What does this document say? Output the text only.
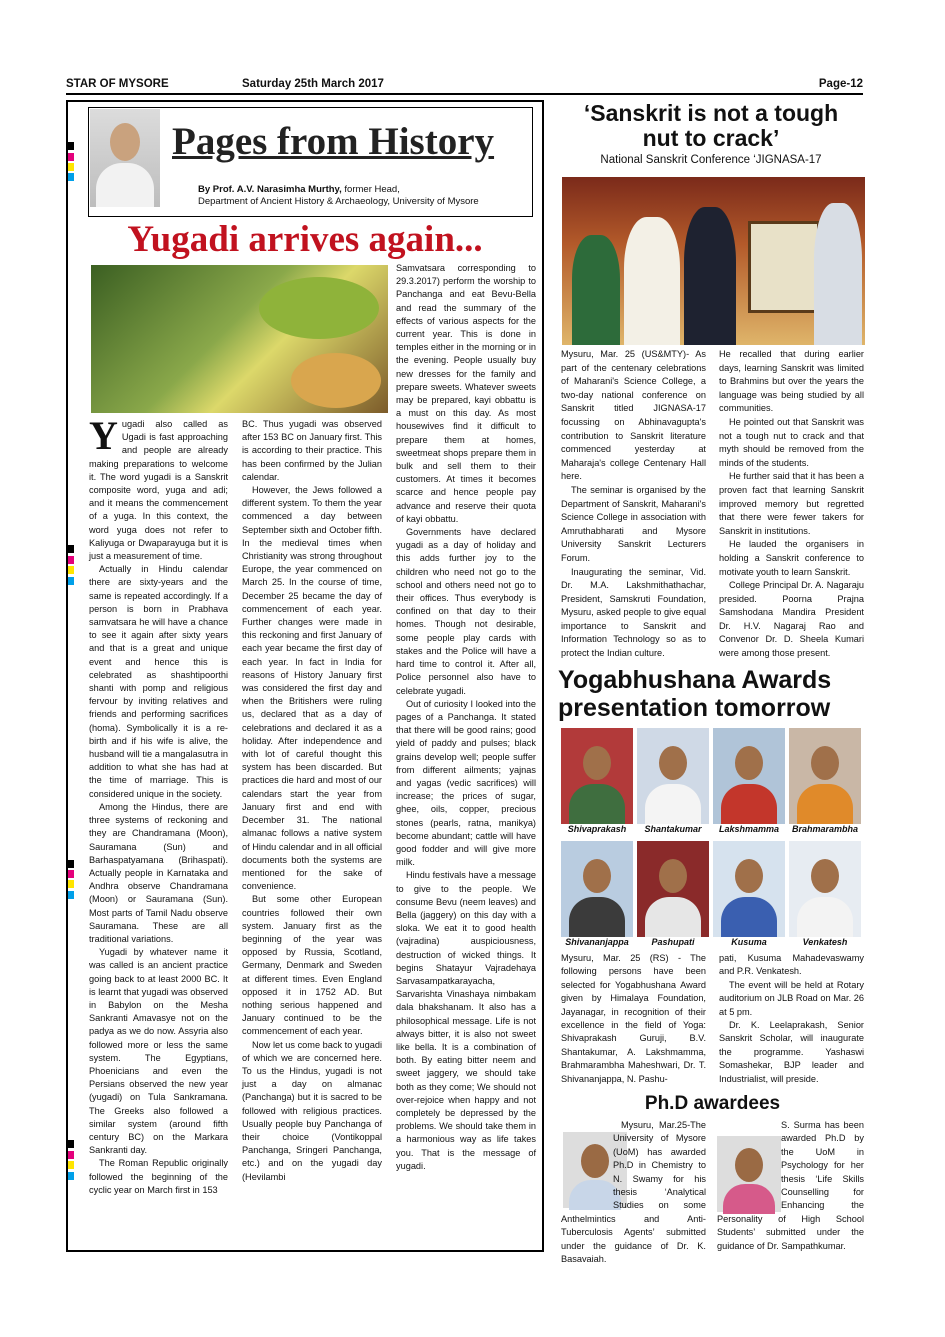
STAR OF MYSORE	Saturday 25th March 2017	Page-12
Pages from History
By Prof. A.V. Narasimha Murthy, former Head,
Department of Ancient History & Archaeology, University of Mysore
Yugadi arrives again...

Yugadi also called as Ugadi is fast approaching and people are already making preparations to welcome it. The word yugadi is a Sanskrit composite word, yuga and adi; and it means the commencement of a yuga. In this context, the word yuga does not refer to Kaliyuga or Dwaparayuga but it is just a measurement of time.

Actually in Hindu calendar there are sixty-years and the same is repeated accordingly. If a person is born in Prabhava samvatsara he will have a chance to see it again after sixty years and that is a great and unique event and hence this is celebrated as shashtipoorthi shanti with pomp and religious fervour by inviting relatives and friends and performing sacrifices (homa). Symbolically it is a re-birth and if his wife is alive, the husband will tie a mangalasutra in addition to what she has had at the time of marriage. This is considered unique in the society.

Among the Hindus, there are three systems of reckoning and they are Chandramana (Moon), Sauramana (Sun) and Barhaspatyamana (Brihaspati). Actually people in Karnataka and Andhra observe Chandramana (Moon) or Sauramana (Sun). Most parts of Tamil Nadu observe Sauramana. These are all traditional variations.

Yugadi by whatever name it was called is an ancient practice going back to at least 2000 BC. It is learnt that yugadi was observed in Babylon on the Mesha Sankranti Amavasye not on the padya as we do now. Assyria also followed more or less the same system. The Egyptians, Phoenicians and even the Persians observed the new year (yugadi) on Tula Sankramana. The Greeks also followed a similar system (around fifth century BC) on the Markara Sankranti day.

The Roman Republic originally followed the beginning of the cyclic year on March first in 153

BC. Thus yugadi was observed after 153 BC on January first. This is according to their practice. This has been confirmed by the Julian calendar.

However, the Jews followed a different system. To them the year commenced a day between September sixth and October fifth. In the medieval times when Christianity was strong throughout Europe, the year commenced on March 25. In the course of time, December 25 became the day of commencement of each year. Further changes were made in this reckoning and first January of each year became the first day of each year. In fact in India for reasons of History January first was considered the first day and when the Britishers were ruling us, declared that as a day of celebrations and declared it as a holiday. After independence and with lot of careful thought this system has been discarded. But practices die hard and most of our calendars start the year from January first and end with December 31. The national almanac follows a native system of Hindu calendar and in all official documents both the systems are mentioned for the sake of convenience.

But some other European countries followed their own system. January first as the beginning of the year was opposed by Russia, Scotland, Germany, Denmark and Sweden at different times. Even England opposed it in 1752 AD. But nothing serious happened and January continued to be the commencement of each year.

Now let us come back to yugadi of which we are concerned here. To us the Hindus, yugadi is not just a day on almanac (Panchanga) but it is sacred to be followed with religious practices. Usually people buy Panchanga of their choice (Vontikoppal Panchanga, Sringeri Panchanga, etc.) and on the yugadi day (Hevilambi

Samvatsara corresponding to 29.3.2017) perform the worship to Panchanga and eat Bevu-Bella and read the summary of the effects of various aspects for the current year. This is done in temples either in the morning or in the evening. People usually buy new dresses for the family and prepare sweets. Whatever sweets may be prepared, kayi obbattu is a must on this day. As most housewives find it difficult to prepare them at homes, sweetmeat shops prepare them in bulk and sell them to their customers. At times it becomes scarce and hence people pay advance and reserve their quota of kayi obbattu.

Governments have declared yugadi as a day of holiday and this adds further joy to the children who need not go to the school and others need not go to their offices. Thus everybody is confined on that day to their homes. Though not desirable, some people play cards with stakes and the Police will have a hard time to control it. After all, Police personnel also have to celebrate yugadi.

Out of curiosity I looked into the pages of a Panchanga. It stated that there will be good rains; good yield of paddy and pulses; black grains develop well; people suffer from different ailments; yajnas and yagas (vedic sacrifices) will increase; the prices of sugar, ghee, oils, copper, precious stones (pearls, ratna, manikya) become abundant; cattle will have good fodder and will give more milk.

Hindu festivals have a message to give to the people. We consume Bevu (neem leaves) and Bella (jaggery) on this day with a sloka. We eat it to good health (vajradina) auspiciousness, destruction of wicked things. It begins Shatayur Vajradehaya Sarvasampatkarayacha, Sarvarishta Vinashaya nimbakam dala bhakshanam. It also has a philosophical message. Life is not always bitter, it is also not sweet like bella. It is a combination of both. By eating bitter neem and sweet jaggery, we should take both as they come; We should not over-rejoice when happy and not completely be depressed by the problems. We should take them in a harmonious way as life takes you. That is the message of yugadi.

‘Sanskrit is not a tough
nut to crack’
National Sanskrit Conference ‘JIGNASA-17

Mysuru, Mar. 25 (US&MTY)- As part of the centenary celebrations of Maharani's Science College, a two-day national conference on Sanskrit titled JIGNASA-17 focussing on Abhinavagupta's contribution to Sanskrit literature commenced yesterday at Maharaja's college Centenary Hall here.

The seminar is organised by the Department of Sanskrit, Maharani's Science College in association with Amruthabharati and Mysore University Sanskrit Lecturers Forum.

Inaugurating the seminar, Vid. Dr. M.A. Lakshmithathachar, President, Samskruti Foundation, Mysuru, asked people to give equal importance to Sanskrit and Information Technology so as to protect the Indian culture.

He recalled that during earlier days, learning Sanskrit was limited to Brahmins but over the years the language was being studied by all communities.

He pointed out that Sanskrit was not a tough nut to crack and that myth should be removed from the minds of the students.

He further said that it has been a proven fact that learning Sanskrit improved memory but regretted that there were fewer takers for Sanskrit in institutions.

He lauded the organisers in holding a Sanskrit conference to motivate youth to learn Sanskrit.

College Principal Dr. A. Nagaraju presided. Poorna Prajna Samshodana Mandira President Dr. H.V. Nagaraj Rao and Convenor Dr. D. Sheela Kumari were among those present.

Yogabhushana Awards
presentation tomorrow
Shivaprakash	Shantakumar	Lakshmamma	Brahmarambha
Shivananjappa	Pashupati	Kusuma	Venkatesh

Mysuru, Mar. 25 (RS) - The following persons have been selected for Yogabhushana Award given by Himalaya Foundation, Jayanagar, in recognition of their excellence in the field of Yoga: Shivaprakash Guruji, B.V. Shantakumar, A. Lakshmamma, Brahmarambha Maheshwari, Dr. T. Shivananjappa, N. Pashu-

pati, Kusuma Mahadevaswamy and P.R. Venkatesh.

The event will be held at Rotary auditorium on JLB Road on Mar. 26 at 5 pm.

Dr. K. Leelaprakash, Senior Sanskrit Scholar, will inaugurate the programme. Yashaswi Somashekar, BJP leader and Industrialist, will preside.

Ph.D awardees

Mysuru, Mar.25-The University of Mysore (UoM) has awarded Ph.D in Chemistry to N. Swamy for his thesis ‘Analytical Studies on some Anthelmintics and Anti-Tuberculosis Agents’ submitted under the guidance of Dr. K. Basavaiah.

S. Surma has been awarded Ph.D by the UoM in Psychology for her thesis ‘Life Skills Counselling for Enhancing the Personality of High School Students’ submitted under the guidance of Dr. Sampathkumar.
